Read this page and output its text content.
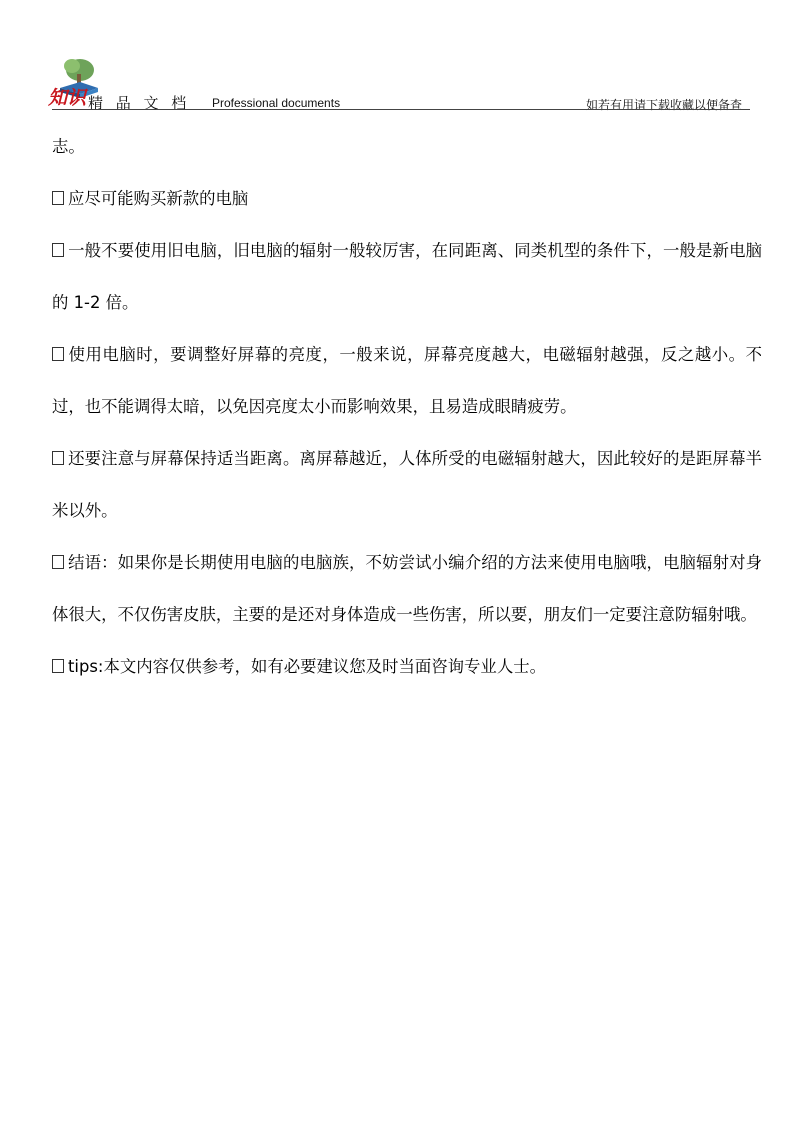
知识 精 品 文 档 Professional documents	如若有用请下载收藏以便备查

志。

应尽可能购买新款的电脑

一般不要使用旧电脑，旧电脑的辐射一般较厉害，在同距离、同类机型的条件下，一般是新电脑的 1-2 倍。

使用电脑时，要调整好屏幕的亮度，一般来说，屏幕亮度越大，电磁辐射越强，反之越小。不过，也不能调得太暗，以免因亮度太小而影响效果，且易造成眼睛疲劳。

还要注意与屏幕保持适当距离。离屏幕越近，人体所受的电磁辐射越大，因此较好的是距屏幕半米以外。

结语：如果你是长期使用电脑的电脑族，不妨尝试小编介绍的方法来使用电脑哦，电脑辐射对身体很大，不仅伤害皮肤，主要的是还对身体造成一些伤害，所以要，朋友们一定要注意防辐射哦。

tips:本文内容仅供参考，如有必要建议您及时当面咨询专业人士。
